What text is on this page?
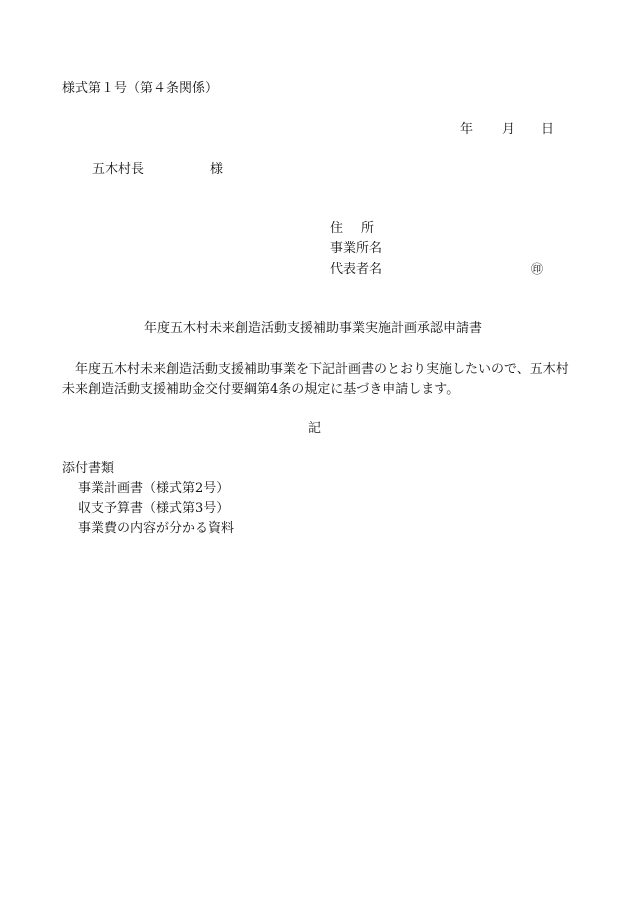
様式第１号（第４条関係）
年 月 日
五木村長	様
住所
事業所名
代表者名	㊞
年度五木村未来創造活動支援補助事業実施計画承認申請書
年度五木村未来創造活動支援補助事業を下記計画書のとおり実施したいので、五木村未来創造活動支援補助金交付要綱第4条の規定に基づき申請します。
記
添付書類
事業計画書（様式第2号）
収支予算書（様式第3号）
事業費の内容が分かる資料
